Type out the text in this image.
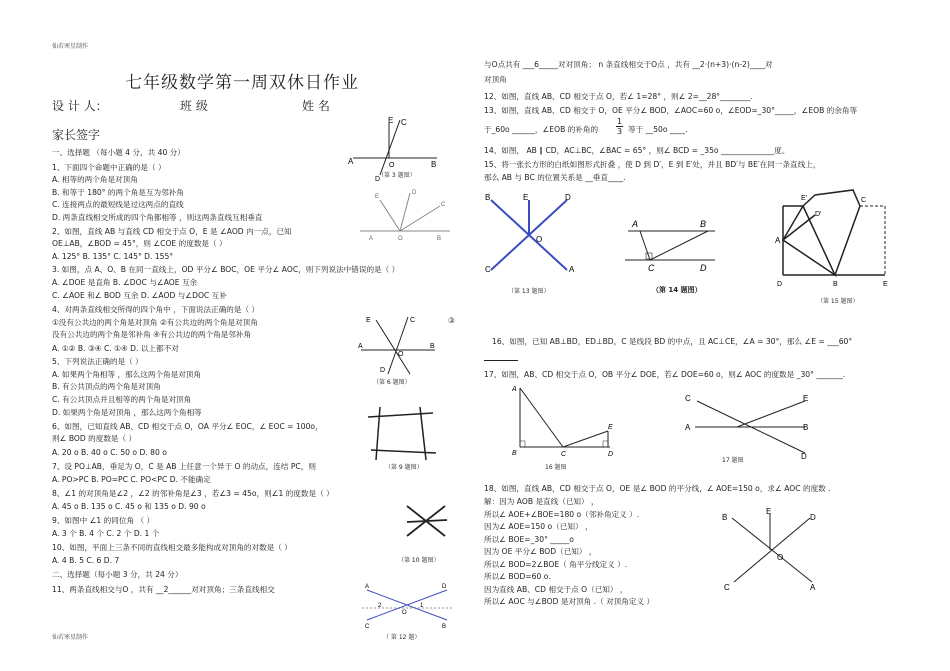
仙若寒星制作
仙若寒星制作
七年级数学第一周双休日作业
设 计 人：	班 级	姓 名
家长签字
一、选择题 （每小题 4 分，共 40 分）
1、下面四个命题中正确的是（ ）
A. 相等的两个角是对顶角
B. 和等于 180° 的两个角是互为邻补角
C. 连接两点的最短线是过这两点的直线
D. 两条直线相交所成的四个角都相等 ，则这两条直线互相垂直
2、如图，直线 AB 与直线 CD 相交于点 O，E 是 ∠AOD 内一点，已知
OE⊥AB，∠BOD = 45°，则 ∠COE 的度数是（ ）
A. 125° B. 135° C. 145° D. 155°
3. 如图，点 A、O、B 在同一直线上，OD 平分∠ BOC，OE 平分∠ AOC，则下列说法中错误的是（ ）
A. ∠DOE 是直角 B. ∠DOC 与∠AOE 互余
C. ∠AOE 和∠ BOD 互余 D. ∠AOD 与∠DOC 互补
4、对两条直线相交所得的四个角中 ，下面说法正确的是（ ）
①没有公共边的两个角是对顶角 ②有公共边的两个角是对顶角
没有公共边的两个角是邻补角 ④有公共边的两个角是邻补角
A. ①② B. ③④ C. ①④ D. 以上都不对
5、下列说法正确的是（ ）
A. 如果两个角相等 ，那么这两个角是对顶角
B. 有公共顶点的两个角是对顶角
C. 有公共顶点并且相等的两个角是对顶角
D. 如果两个角是对顶角 ，那么这两个角相等
6、如图，已知直线 AB、CD 相交于点 O，OA 平分∠ EOC，∠ EOC = 100o，
则∠ BOD 的度数是（ ）
A. 20 o B. 40 o C. 50 o D. 80 o
7、设 PO⊥AB，垂足为 O，C 是 AB 上任意一个异于 O 的动点，连结 PC，则
A. PO>PC B. PO=PC C. PO<PC D. 不能确定
8、∠1 的对顶角是∠2 ，∠2 的邻补角是∠3 ，若∠3 = 45o，则∠1 的度数是（ ）
A. 45 o B. 135 o C. 45 o 和 135 o D. 90 o
9、如图中 ∠1 的同位角 （ ）
A. 3 个 B. 4 个 C. 2 个 D. 1 个
10、如图，平面上三条不同的直线相交最多能构成对顶角的对数是（ ）
A. 4 B. 5 C. 6 D. 7
二、选择题（每小题 3 分，共 24 分）
11、两条直线相交与O ，共有 __2______对对顶角；三条直线相交
与O点共有 ___6_____对对顶角； n 条直线相交于O点 ，共有 __2·(n+3)·(n-2)____对
对顶角
12、如图，直线 AB、CD 相交于点 O，若∠ 1=28° ，则∠ 2=__28°________.
13、如图，直线 AB、CD 相交于 O，OE 平分∠ BOD，∠AOC=60 o，∠EOD=_30°_____，∠EOB 的余角等
于_60o ______，∠EOB 的补角的 $\frac{1}{3}$ 等于 __50o ____.
14、如图， AB ∥ CD，AC⊥BC，∠BAC = 65° ，则∠ BCD = _35o ______________度。
15、将一张长方形的白纸如图形式折叠 ，使 D 到 D′，E 到 E′处，并且 BD′与 BE′在同一条直线上，
那么 AB 与 BC 的位置关系是 __垂直____.
16、如图，已知 AB⊥BD，ED⊥BD，C 是线段 BD 的中点，且 AC⊥CE，∠A = 30°，那么 ∠E = ___60°
17、如图，AB、CD 相交于点 O，OB 平分∠ DOE，若∠ DOE=60 o，则∠ AOC 的度数是 _30° _______.
18、如图，直线 AB，CD 相交于点 O，OE 是∠ BOD 的平分线，∠ AOE=150 o，求∠ AOC 的度数 .
解：因为 AOB 是直线（已知） ，
所以∠ AOE+∠BOE=180 o（邻补角定义 ）.
因为∠ AOE=150 o（已知） ，
所以∠ BOE=_30° _____o
因为 OE 平分∠ BOD（已知） ，
所以∠ BOD=2∠BOE（ 角平分线定义 ）.
所以∠ BOD=60 o.
因为直线 AB、CD 相交于点 O（已知） ，
所以∠ AOC 与∠BOD 是对顶角 .（ 对顶角定义 ）
A	B
E C
O
D
（第 3 题图）
A	O	B
E
D
C
E	C
A	B
O
D
③
（第 6 题图）
（第 9 题图）
（第 10 题图）
A	D
C	B
2	1
O
（ 第 12 题）
B	E	D
O
C	A
（第 13 题图）
A	B
C	D
（第 14 题图）
E′
D′
A
D	B	E
C
（第 15 题图）
A
B	C	D
E
16 题图
C
A
E
B
D
17 题图
B
E
D
O
C	A
